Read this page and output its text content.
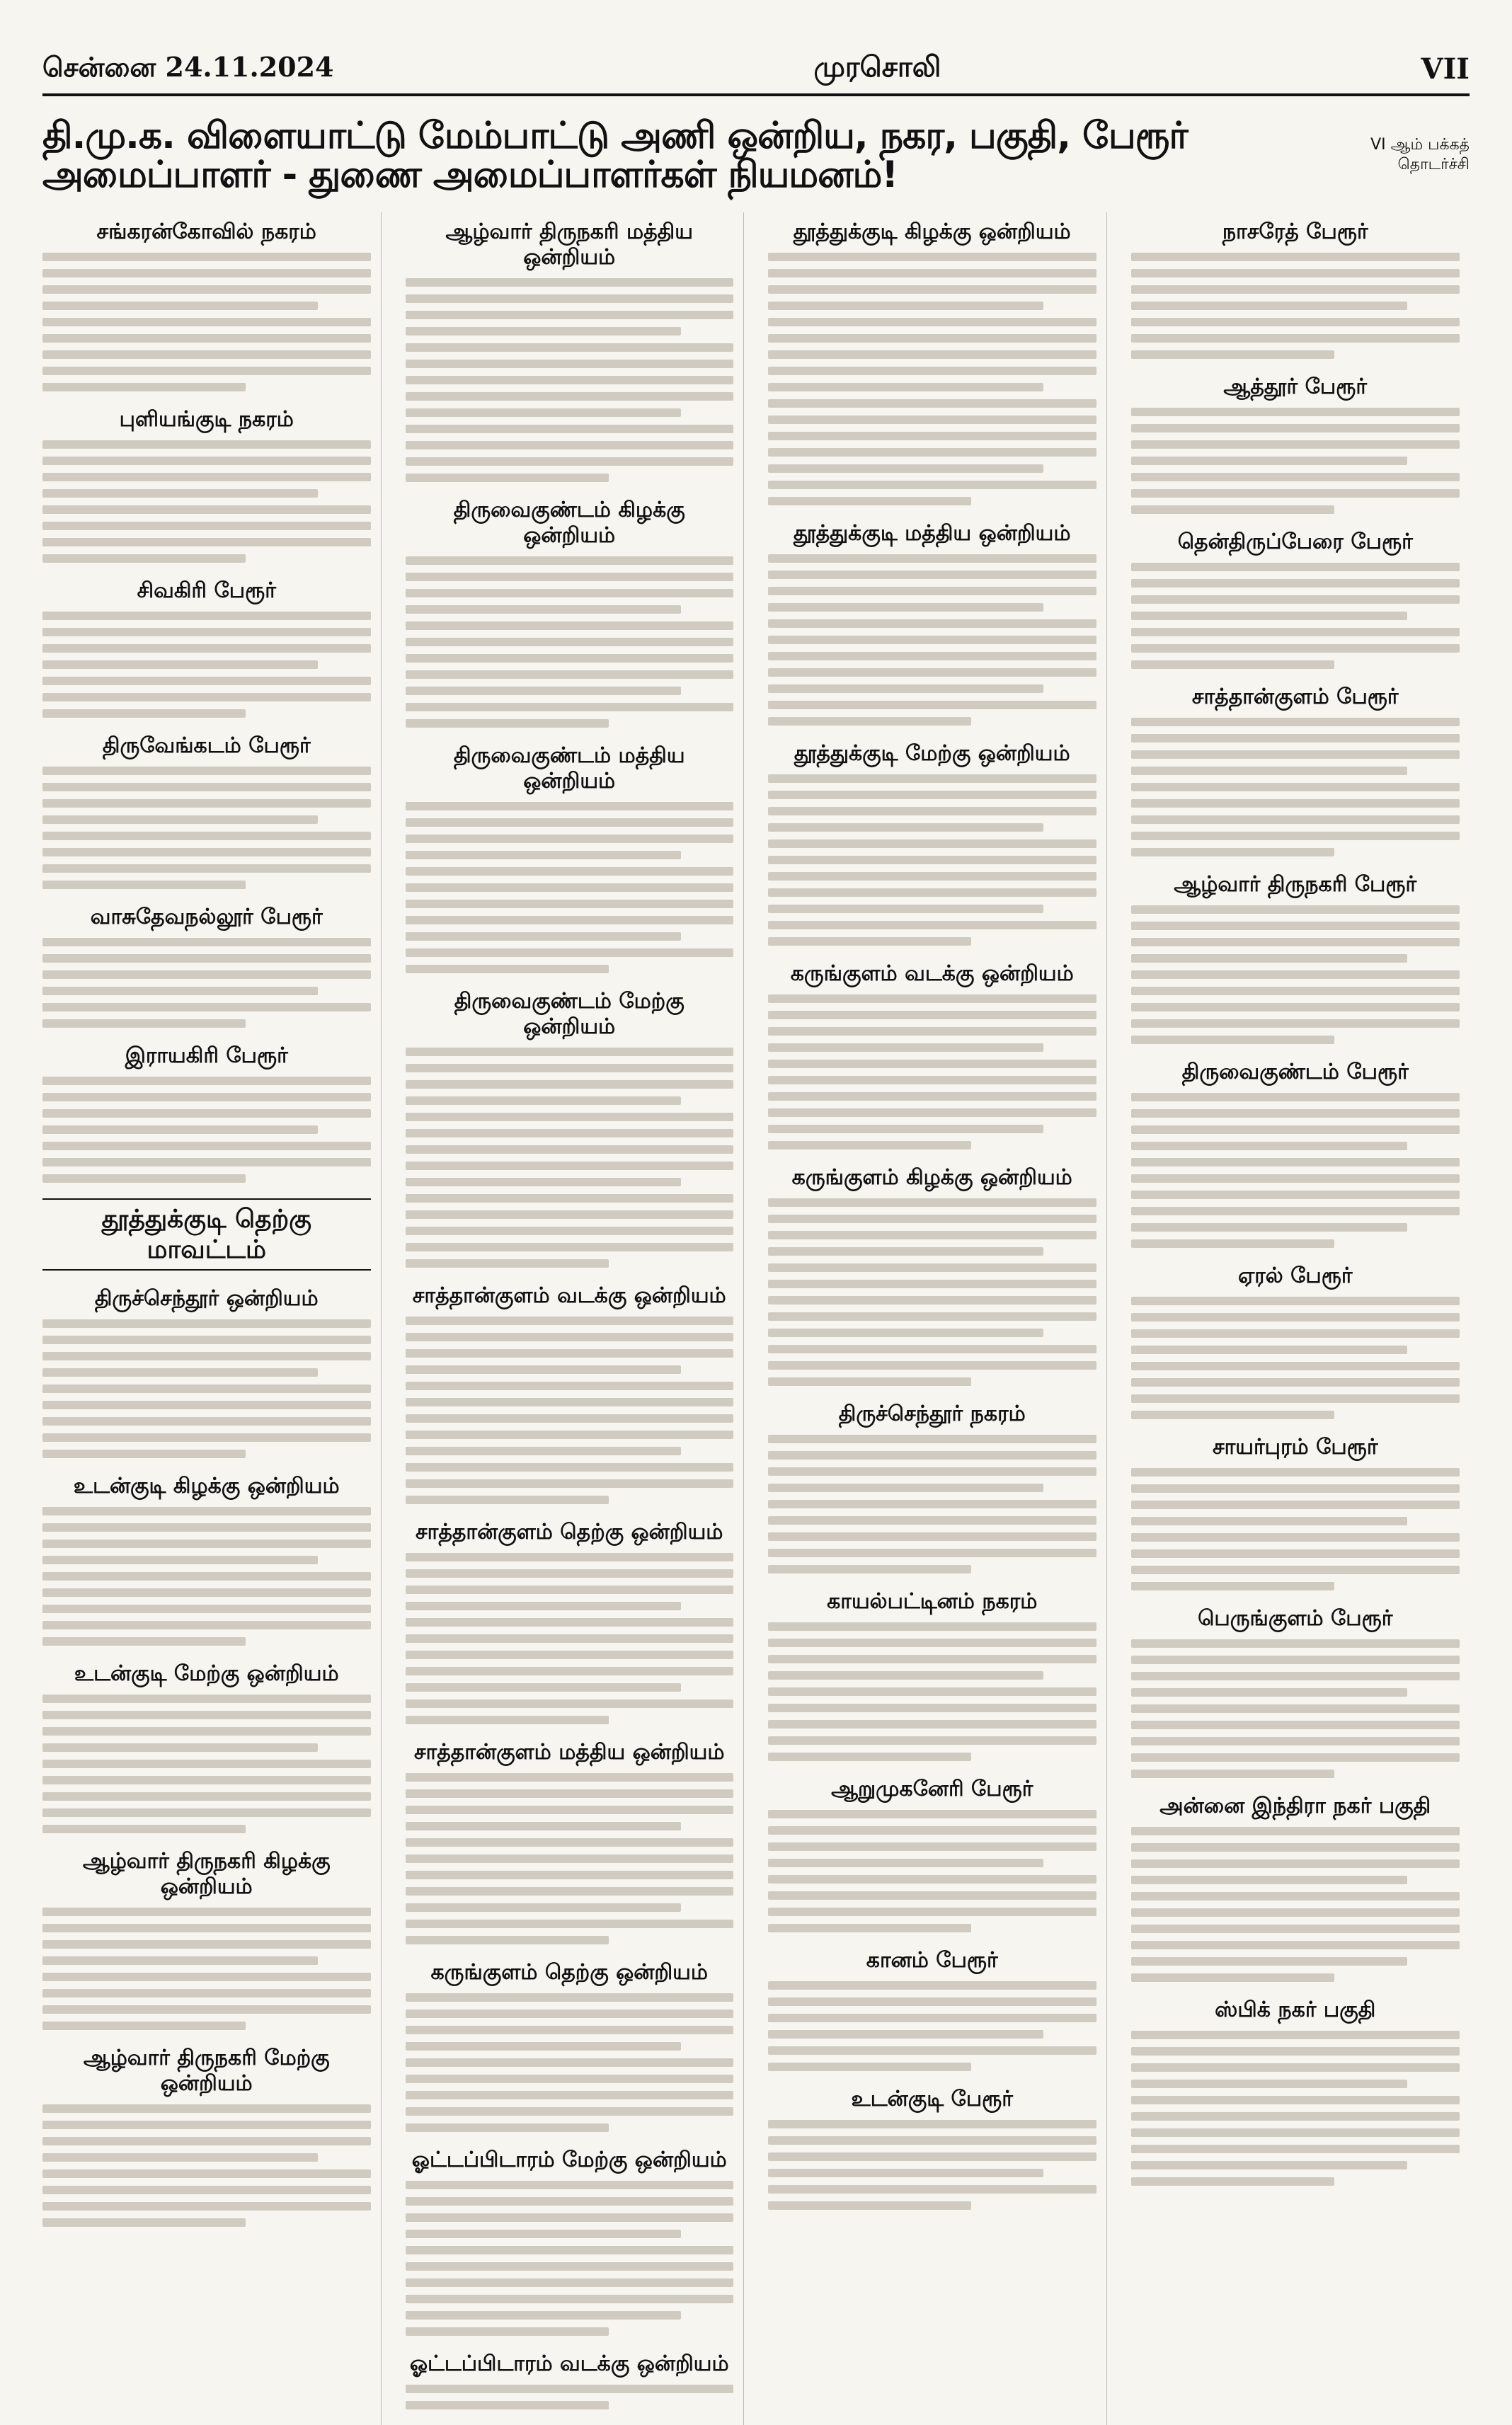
சென்னை 24.11.2024	முரசொலி	VII
தி.மு.க. விளையாட்டு மேம்பாட்டு அணி ஒன்றிய, நகர, பகுதி, பேரூர் அமைப்பாளர் - துணை அமைப்பாளர்கள் நியமனம்!
VI ஆம் பக்கத் தொடர்ச்சி
சங்கரன்கோவில் நகரம்
புளியங்குடி நகரம்
சிவகிரி பேரூர்
திருவேங்கடம் பேரூர்
வாசுதேவநல்லூர் பேரூர்
இராயகிரி பேரூர்
தூத்துக்குடி தெற்கு மாவட்டம்
திருச்செந்தூர் ஒன்றியம்
உடன்குடி கிழக்கு ஒன்றியம்
உடன்குடி மேற்கு ஒன்றியம்
ஆழ்வார் திருநகரி கிழக்கு ஒன்றியம்
ஆழ்வார் திருநகரி மேற்கு ஒன்றியம்
ஆழ்வார் திருநகரி மத்திய ஒன்றியம்
திருவைகுண்டம் கிழக்கு ஒன்றியம்
திருவைகுண்டம் மத்திய ஒன்றியம்
திருவைகுண்டம் மேற்கு ஒன்றியம்
சாத்தான்குளம் வடக்கு ஒன்றியம்
சாத்தான்குளம் தெற்கு ஒன்றியம்
சாத்தான்குளம் மத்திய ஒன்றியம்
கருங்குளம் தெற்கு ஒன்றியம்
ஓட்டப்பிடாரம் மேற்கு ஒன்றியம்
ஓட்டப்பிடாரம் வடக்கு ஒன்றியம்
தூத்துக்குடி கிழக்கு ஒன்றியம்
தூத்துக்குடி மத்திய ஒன்றியம்
தூத்துக்குடி மேற்கு ஒன்றியம்
கருங்குளம் வடக்கு ஒன்றியம்
கருங்குளம் கிழக்கு ஒன்றியம்
திருச்செந்தூர் நகரம்
காயல்பட்டினம் நகரம்
ஆறுமுகனேரி பேரூர்
கானம் பேரூர்
உடன்குடி பேரூர்
நாசரேத் பேரூர்
ஆத்தூர் பேரூர்
தென்திருப்பேரை பேரூர்
சாத்தான்குளம் பேரூர்
ஆழ்வார் திருநகரி பேரூர்
திருவைகுண்டம் பேரூர்
ஏரல் பேரூர்
சாயர்புரம் பேரூர்
பெருங்குளம் பேரூர்
அன்னை இந்திரா நகர் பகுதி
ஸ்பிக் நகர் பகுதி
